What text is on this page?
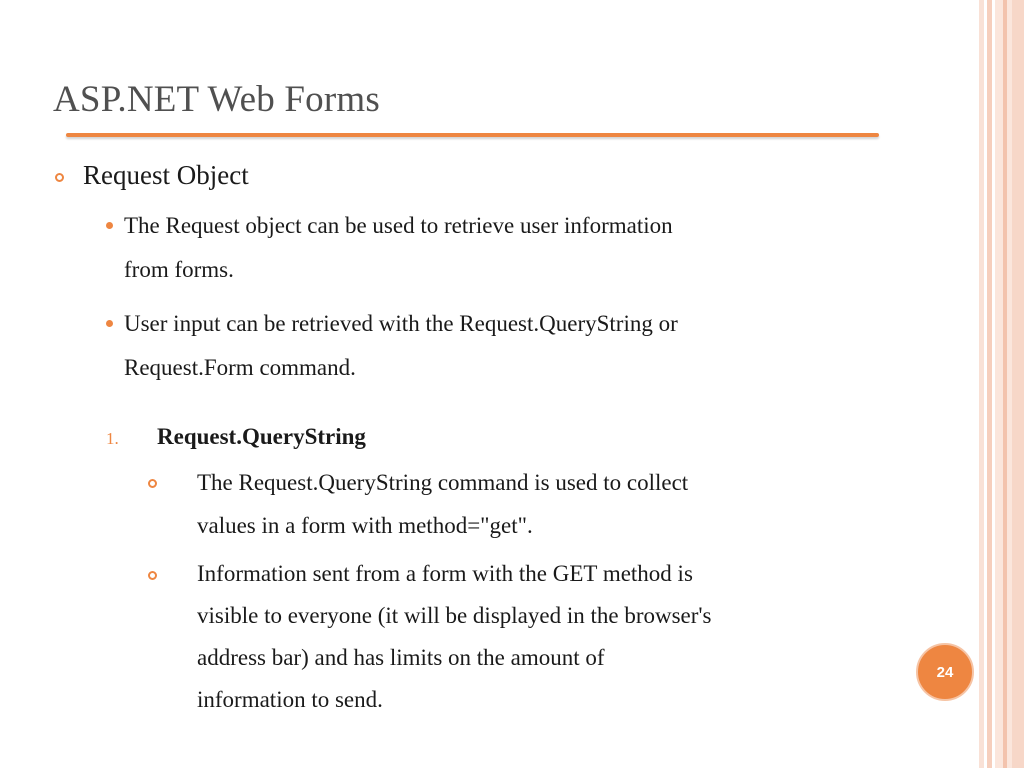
ASP.NET Web Forms
Request Object
The Request object can be used to retrieve user information
from forms.
User input can be retrieved with the Request.QueryString or
Request.Form command.
1. Request.QueryString
The Request.QueryString command is used to collect
values in a form with method="get".
Information sent from a form with the GET method is
visible to everyone (it will be displayed in the browser's
address bar) and has limits on the amount of
information to send.
24
